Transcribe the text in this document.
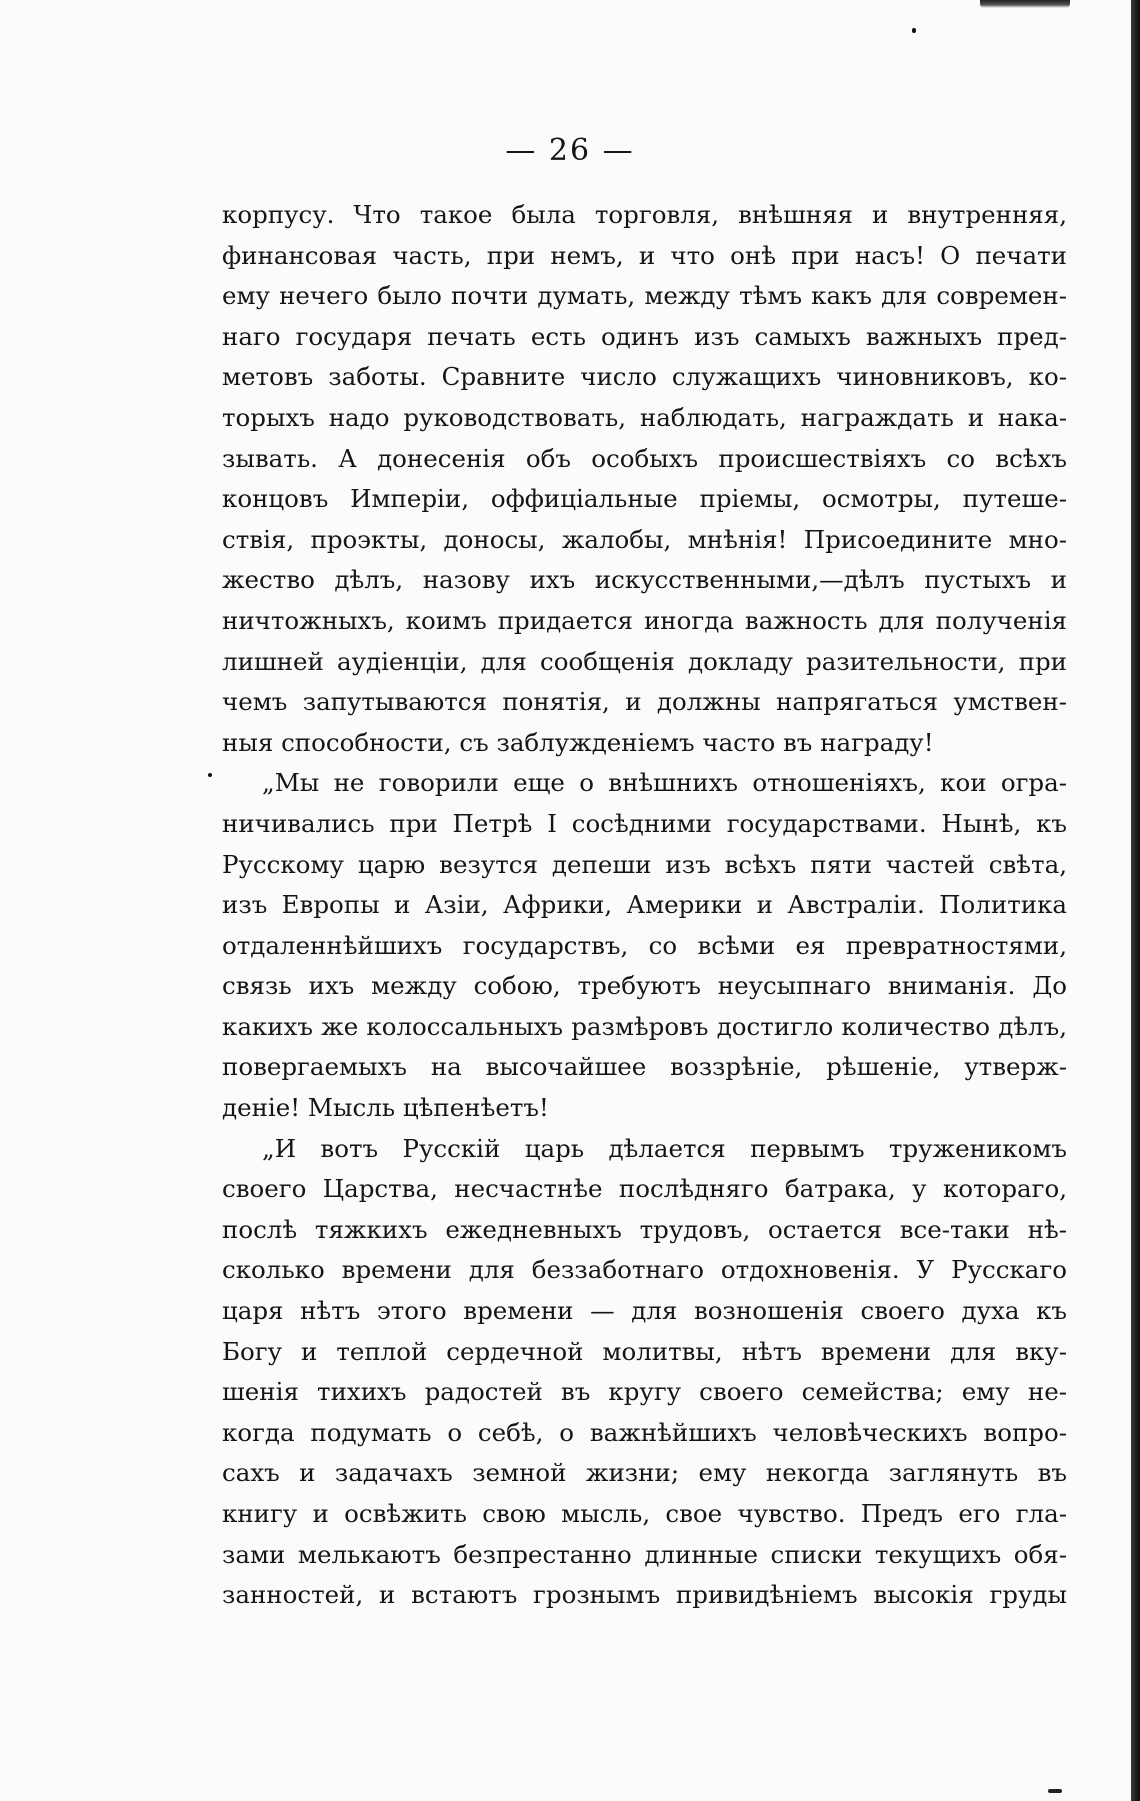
— 26 —
корпусу. Что такое была торговля, внѣшняя и внутренняя,
финансовая часть, при немъ, и что онѣ при насъ! О печати
ему нечего было почти думать, между тѣмъ какъ для современ-
наго государя печать есть одинъ изъ самыхъ важныхъ пред-
метовъ заботы. Сравните число служащихъ чиновниковъ, ко-
торыхъ надо руководствовать, наблюдать, награждать и нака-
зывать. А донесенія объ особыхъ происшествіяхъ со всѣхъ
концовъ Имперіи, оффиціальные пріемы, осмотры, путеше-
ствія, проэкты, доносы, жалобы, мнѣнія! Присоедините мно-
жество дѣлъ, назову ихъ искусственными,—дѣлъ пустыхъ и
ничтожныхъ, коимъ придается иногда важность для полученія
лишней аудіенціи, для сообщенія докладу разительности, при
чемъ запутываются понятія, и должны напрягаться умствен-
ныя способности, съ заблужденіемъ часто въ награду!
„Мы не говорили еще о внѣшнихъ отношеніяхъ, кои огра-
ничивались при Петрѣ I сосѣдними государствами. Нынѣ, къ
Русскому царю везутся депеши изъ всѣхъ пяти частей свѣта,
изъ Европы и Азіи, Африки, Америки и Австраліи. Политика
отдаленнѣйшихъ государствъ, со всѣми ея превратностями,
связь ихъ между собою, требуютъ неусыпнаго вниманія. До
какихъ же колоссальныхъ размѣровъ достигло количество дѣлъ,
повергаемыхъ на высочайшее воззрѣніе, рѣшеніе, утверж-
деніе! Мысль цѣпенѣетъ!
„И вотъ Русскій царь дѣлается первымъ труженикомъ
своего Царства, несчастнѣе послѣдняго батрака, у котораго,
послѣ тяжкихъ ежедневныхъ трудовъ, остается все-таки нѣ-
сколько времени для беззаботнаго отдохновенія. У Русскаго
царя нѣтъ этого времени — для возношенія своего духа къ
Богу и теплой сердечной молитвы, нѣтъ времени для вку-
шенія тихихъ радостей въ кругу своего семейства; ему не-
когда подумать о себѣ, о важнѣйшихъ человѣческихъ вопро-
сахъ и задачахъ земной жизни; ему некогда заглянуть въ
книгу и освѣжить свою мысль, свое чувство. Предъ его гла-
зами мелькаютъ безпрестанно длинные списки текущихъ обя-
занностей, и встаютъ грознымъ привидѣніемъ высокія груды
